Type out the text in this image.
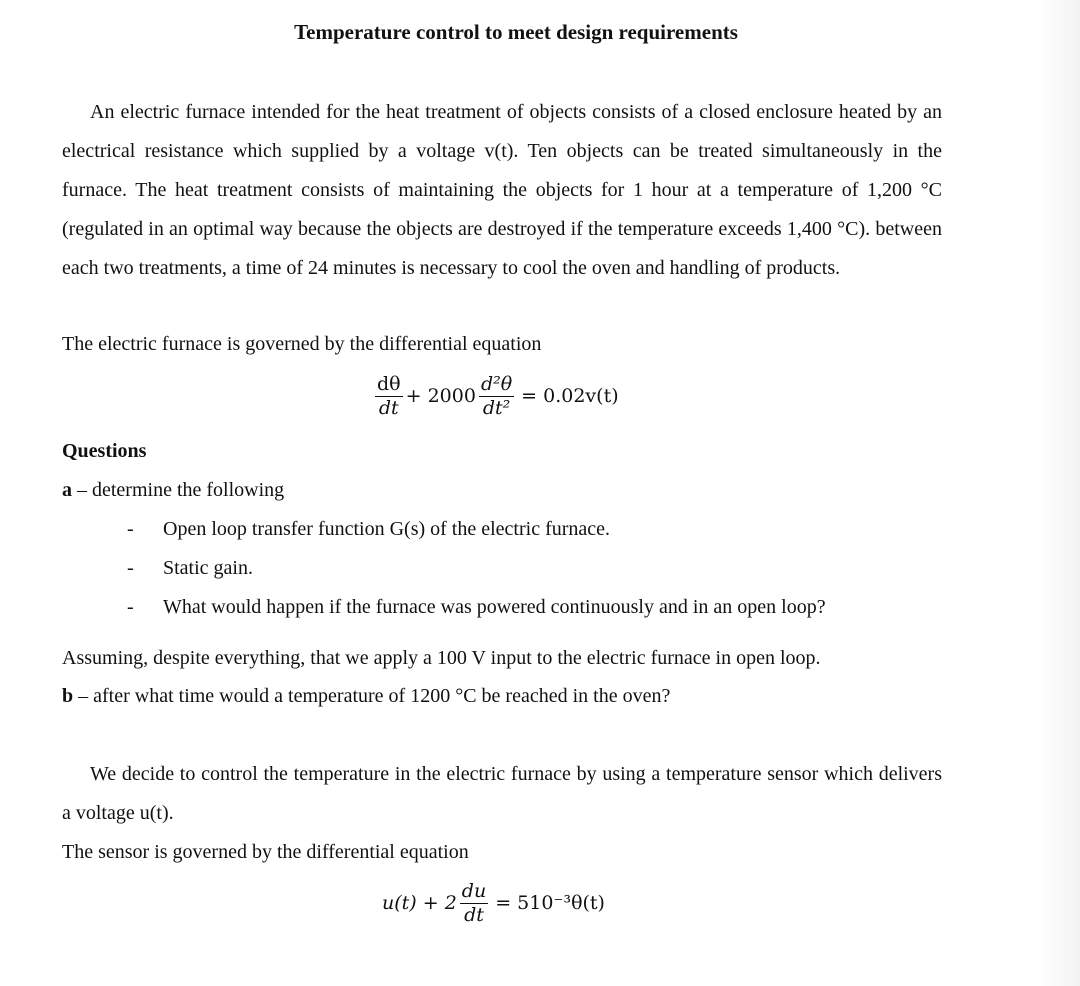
Temperature control to meet design requirements
An electric furnace intended for the heat treatment of objects consists of a closed enclosure heated by an electrical resistance which supplied by a voltage v(t). Ten objects can be treated simultaneously in the furnace. The heat treatment consists of maintaining the objects for 1 hour at a temperature of 1,200 °C (regulated in an optimal way because the objects are destroyed if the temperature exceeds 1,400 °C). between each two treatments, a time of 24 minutes is necessary to cool the oven and handling of products.
The electric furnace is governed by the differential equation
$\frac{d\theta}{dt} + 2000 \frac{\text{d²θ}}{\text{dt²}} = 0.02v(t)$
Questions
a – determine the following
- Open loop transfer function G(s) of the electric furnace.
- Static gain.
- What would happen if the furnace was powered continuously and in an open loop?
Assuming, despite everything, that we apply a 100 V input to the electric furnace in open loop.
b – after what time would a temperature of 1200 °C be reached in the oven?
We decide to control the temperature in the electric furnace by using a temperature sensor which delivers a voltage u(t).
The sensor is governed by the differential equation
$u(t) + 2 \frac{du}{dt} = 510^{-3}\theta(t)$
